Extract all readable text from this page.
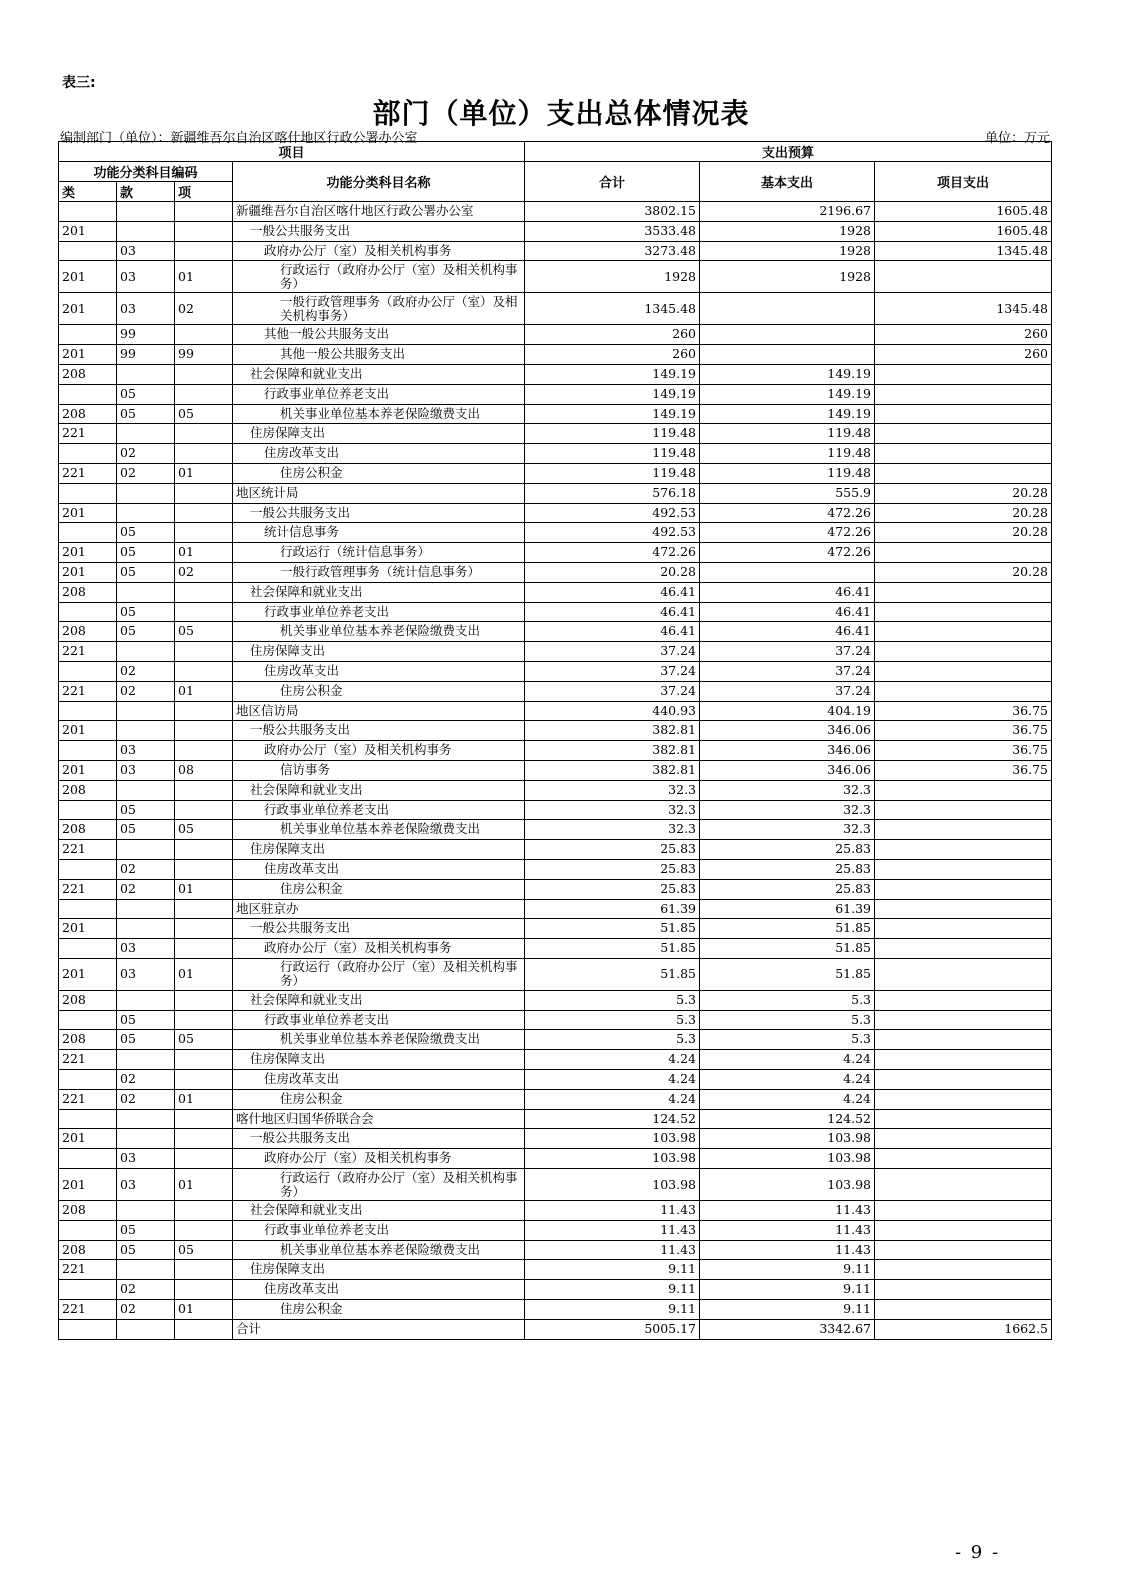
表三:
部门（单位）支出总体情况表
编制部门（单位）：新疆维吾尔自治区喀什地区行政公署办公室	单位：万元
项目				支出预算		
功能分类科目编码			功能分类科目名称	合计	基本支出	项目支出
类	款	项				
			新疆维吾尔自治区喀什地区行政公署办公室	3802.15	2196.67	1605.48
201			一般公共服务支出	3533.48	1928	1605.48
	03		政府办公厅（室）及相关机构事务	3273.48	1928	1345.48
201	03	01	行政运行（政府办公厅（室）及相关机构事务）	1928	1928	
201	03	02	一般行政管理事务（政府办公厅（室）及相关机构事务）	1345.48		1345.48
	99		其他一般公共服务支出	260		260
201	99	99	其他一般公共服务支出	260		260
208			社会保障和就业支出	149.19	149.19	
	05		行政事业单位养老支出	149.19	149.19	
208	05	05	机关事业单位基本养老保险缴费支出	149.19	149.19	
221			住房保障支出	119.48	119.48	
	02		住房改革支出	119.48	119.48	
221	02	01	住房公积金	119.48	119.48	
			地区统计局	576.18	555.9	20.28
201			一般公共服务支出	492.53	472.26	20.28
	05		统计信息事务	492.53	472.26	20.28
201	05	01	行政运行（统计信息事务）	472.26	472.26	
201	05	02	一般行政管理事务（统计信息事务）	20.28		20.28
208			社会保障和就业支出	46.41	46.41	
	05		行政事业单位养老支出	46.41	46.41	
208	05	05	机关事业单位基本养老保险缴费支出	46.41	46.41	
221			住房保障支出	37.24	37.24	
	02		住房改革支出	37.24	37.24	
221	02	01	住房公积金	37.24	37.24	
			地区信访局	440.93	404.19	36.75
201			一般公共服务支出	382.81	346.06	36.75
	03		政府办公厅（室）及相关机构事务	382.81	346.06	36.75
201	03	08	信访事务	382.81	346.06	36.75
208			社会保障和就业支出	32.3	32.3	
	05		行政事业单位养老支出	32.3	32.3	
208	05	05	机关事业单位基本养老保险缴费支出	32.3	32.3	
221			住房保障支出	25.83	25.83	
	02		住房改革支出	25.83	25.83	
221	02	01	住房公积金	25.83	25.83	
			地区驻京办	61.39	61.39	
201			一般公共服务支出	51.85	51.85	
	03		政府办公厅（室）及相关机构事务	51.85	51.85	
201	03	01	行政运行（政府办公厅（室）及相关机构事务）	51.85	51.85	
208			社会保障和就业支出	5.3	5.3	
	05		行政事业单位养老支出	5.3	5.3	
208	05	05	机关事业单位基本养老保险缴费支出	5.3	5.3	
221			住房保障支出	4.24	4.24	
	02		住房改革支出	4.24	4.24	
221	02	01	住房公积金	4.24	4.24	
			喀什地区归国华侨联合会	124.52	124.52	
201			一般公共服务支出	103.98	103.98	
	03		政府办公厅（室）及相关机构事务	103.98	103.98	
201	03	01	行政运行（政府办公厅（室）及相关机构事务）	103.98	103.98	
208			社会保障和就业支出	11.43	11.43	
	05		行政事业单位养老支出	11.43	11.43	
208	05	05	机关事业单位基本养老保险缴费支出	11.43	11.43	
221			住房保障支出	9.11	9.11	
	02		住房改革支出	9.11	9.11	
221	02	01	住房公积金	9.11	9.11	
			合计	5005.17	3342.67	1662.5
- 9 -
